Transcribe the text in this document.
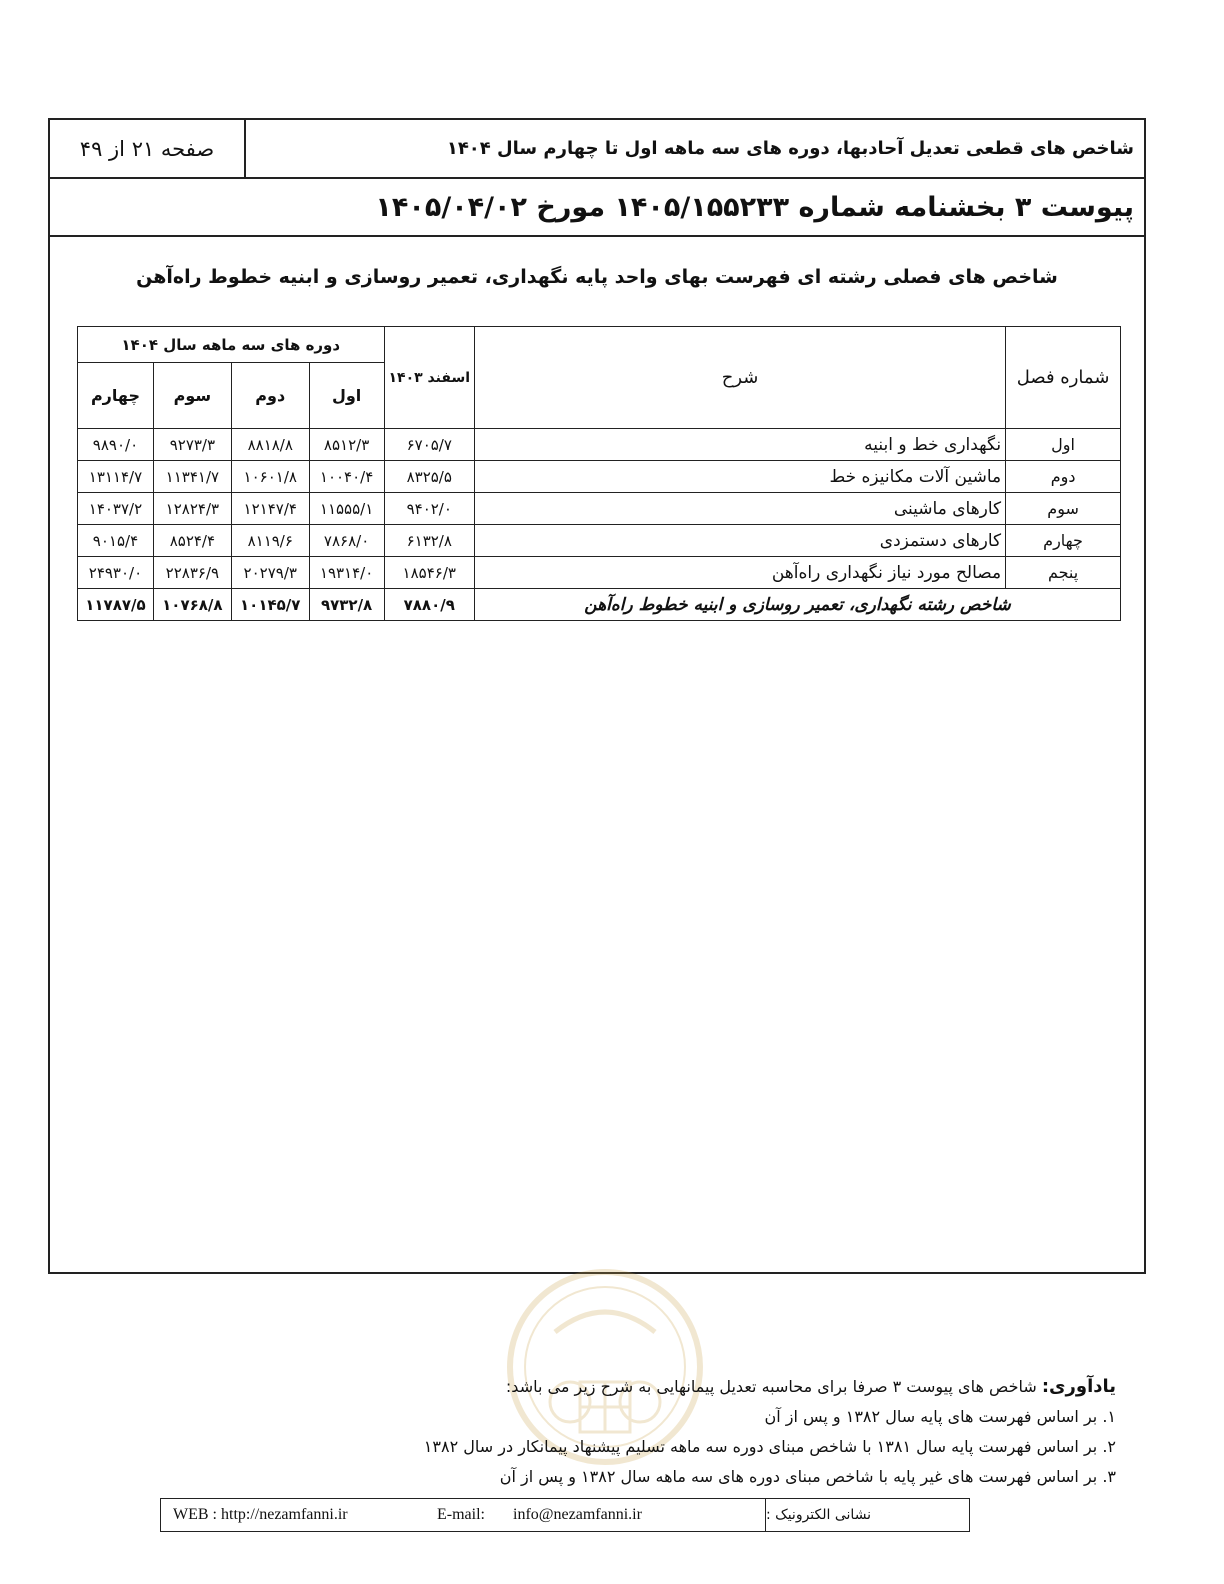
صفحه ۲۱ از ۴۹	شاخص های قطعی تعدیل آحادبها، دوره های سه ماهه اول تا چهارم سال ۱۴۰۴
پیوست ۳ بخشنامه شماره ۱۴۰۵/۱۵۵۲۳۳ مورخ ۱۴۰۵/۰۴/۰۲
شاخص های فصلی رشته ای فهرست بهای واحد پایه نگهداری، تعمیر روسازی و ابنیه خطوط راه‌آهن
شماره فصل	شرح	اسفند ۱۴۰۳	دوره های سه ماهه سال ۱۴۰۴			
			اول	دوم	سوم	چهارم
اول	نگهداری خط و ابنیه	۶۷۰۵/۷	۸۵۱۲/۳	۸۸۱۸/۸	۹۲۷۳/۳	۹۸۹۰/۰
دوم	ماشین آلات مکانیزه خط	۸۳۲۵/۵	۱۰۰۴۰/۴	۱۰۶۰۱/۸	۱۱۳۴۱/۷	۱۳۱۱۴/۷
سوم	کارهای ماشینی	۹۴۰۲/۰	۱۱۵۵۵/۱	۱۲۱۴۷/۴	۱۲۸۲۴/۳	۱۴۰۳۷/۲
چهارم	کارهای دستمزدی	۶۱۳۲/۸	۷۸۶۸/۰	۸۱۱۹/۶	۸۵۲۴/۴	۹۰۱۵/۴
پنجم	مصالح مورد نیاز نگهداری راه‌آهن	۱۸۵۴۶/۳	۱۹۳۱۴/۰	۲۰۲۷۹/۳	۲۲۸۳۶/۹	۲۴۹۳۰/۰
شاخص رشته نگهداری، تعمیر روسازی و ابنیه خطوط راه‌آهن		۷۸۸۰/۹	۹۷۳۲/۸	۱۰۱۴۵/۷	۱۰۷۶۸/۸	۱۱۷۸۷/۵
یادآوری: شاخص های پیوست ۳ صرفا برای محاسبه تعدیل پیمانهایی به شرح زیر می باشد:
۱. بر اساس فهرست های پایه سال ۱۳۸۲ و پس از آن
۲. بر اساس فهرست پایه سال ۱۳۸۱ با شاخص مبنای دوره سه ماهه تسلیم پیشنهاد پیمانکار در سال ۱۳۸۲
۳. بر اساس فهرست های غیر پایه با شاخص مبنای دوره های سه ماهه سال ۱۳۸۲ و پس از آن
نشانی الکترونیک :
WEB : http://nezamfanni.ir	E-mail: info@nezamfanni.ir
